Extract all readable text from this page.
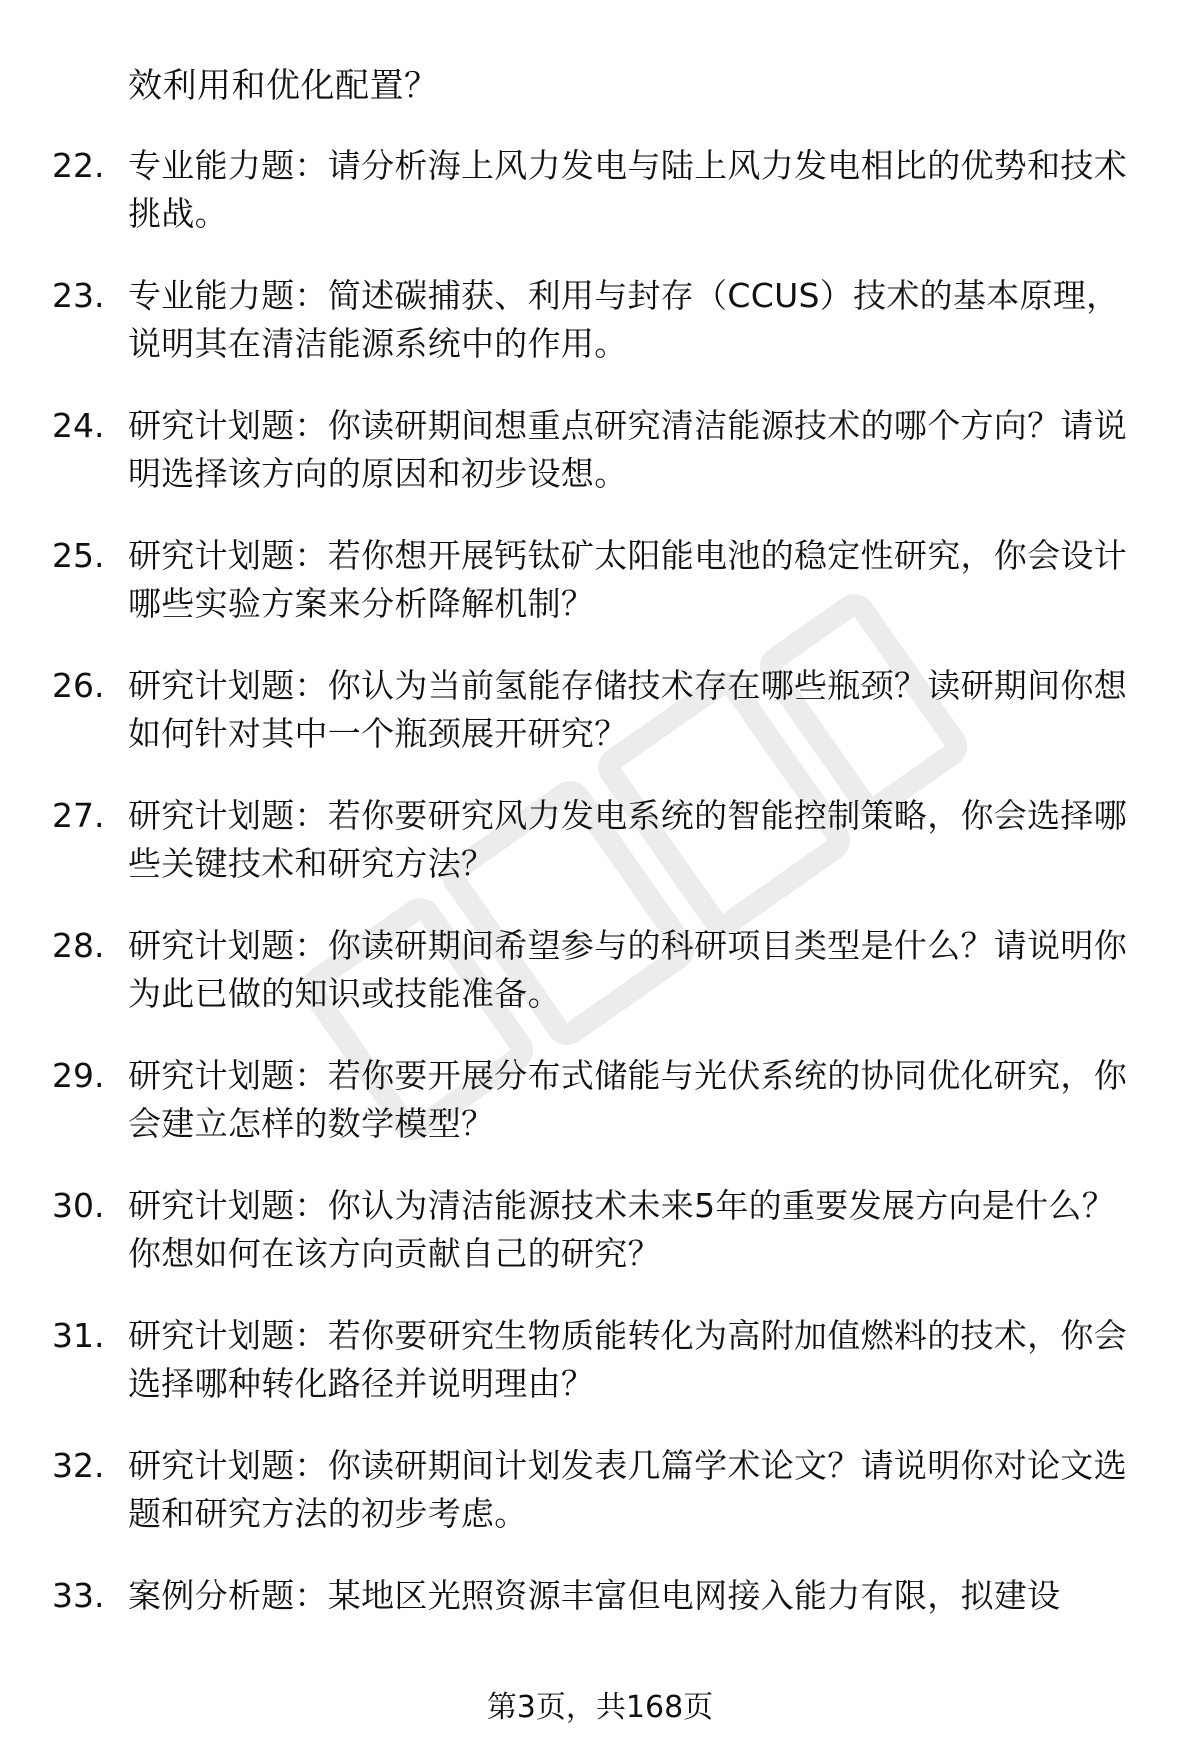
效利用和优化配置？
22. 专业能力题：请分析海上风力发电与陆上风力发电相比的优势和技术挑战。
23. 专业能力题：简述碳捕获、利用与封存（CCUS）技术的基本原理，说明其在清洁能源系统中的作用。
24. 研究计划题：你读研期间想重点研究清洁能源技术的哪个方向？请说明选择该方向的原因和初步设想。
25. 研究计划题：若你想开展钙钛矿太阳能电池的稳定性研究，你会设计哪些实验方案来分析降解机制？
26. 研究计划题：你认为当前氢能存储技术存在哪些瓶颈？读研期间你想如何针对其中一个瓶颈展开研究？
27. 研究计划题：若你要研究风力发电系统的智能控制策略，你会选择哪些关键技术和研究方法？
28. 研究计划题：你读研期间希望参与的科研项目类型是什么？请说明你为此已做的知识或技能准备。
29. 研究计划题：若你要开展分布式储能与光伏系统的协同优化研究，你会建立怎样的数学模型？
30. 研究计划题：你认为清洁能源技术未来5年的重要发展方向是什么？你想如何在该方向贡献自己的研究？
31. 研究计划题：若你要研究生物质能转化为高附加值燃料的技术，你会选择哪种转化路径并说明理由？
32. 研究计划题：你读研期间计划发表几篇学术论文？请说明你对论文选题和研究方法的初步考虑。
33. 案例分析题：某地区光照资源丰富但电网接入能力有限，拟建设
第3页，共168页
